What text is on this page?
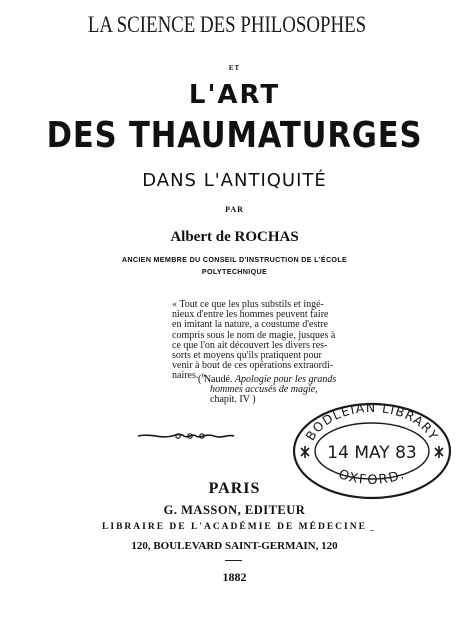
LA SCIENCE DES PHILOSOPHES
ET
L'ART
DES THAUMATURGES
DANS L'ANTIQUITÉ
PAR
Albert de ROCHAS
ANCIEN MEMBRE DU CONSEIL D'INSTRUCTION DE L'ÉCOLE
POLYTECHNIQUE
« Tout ce que les plus substils et ingé-
nieux d'entre les hommes peuvent faire
en imitant la nature, a coustume d'estre
compris sous le nom de magie, jusques à
ce que l'on ait découvert les divers res-
sorts et moyens qu'ils pratiquent pour
venir à bout de ces opérations extraordi-
naires. »
( Naudé. Apologie pour les grands
hommes accusés de magie,
chapit. IV )
BODLEIAN LIBRARY
OXFORD.
14 MAY 83
PARIS
G. MASSON, EDITEUR
LIBRAIRE DE L'ACADÉMIE DE MÉDECINE
120, BOULEVARD SAINT-GERMAIN, 120
1882
